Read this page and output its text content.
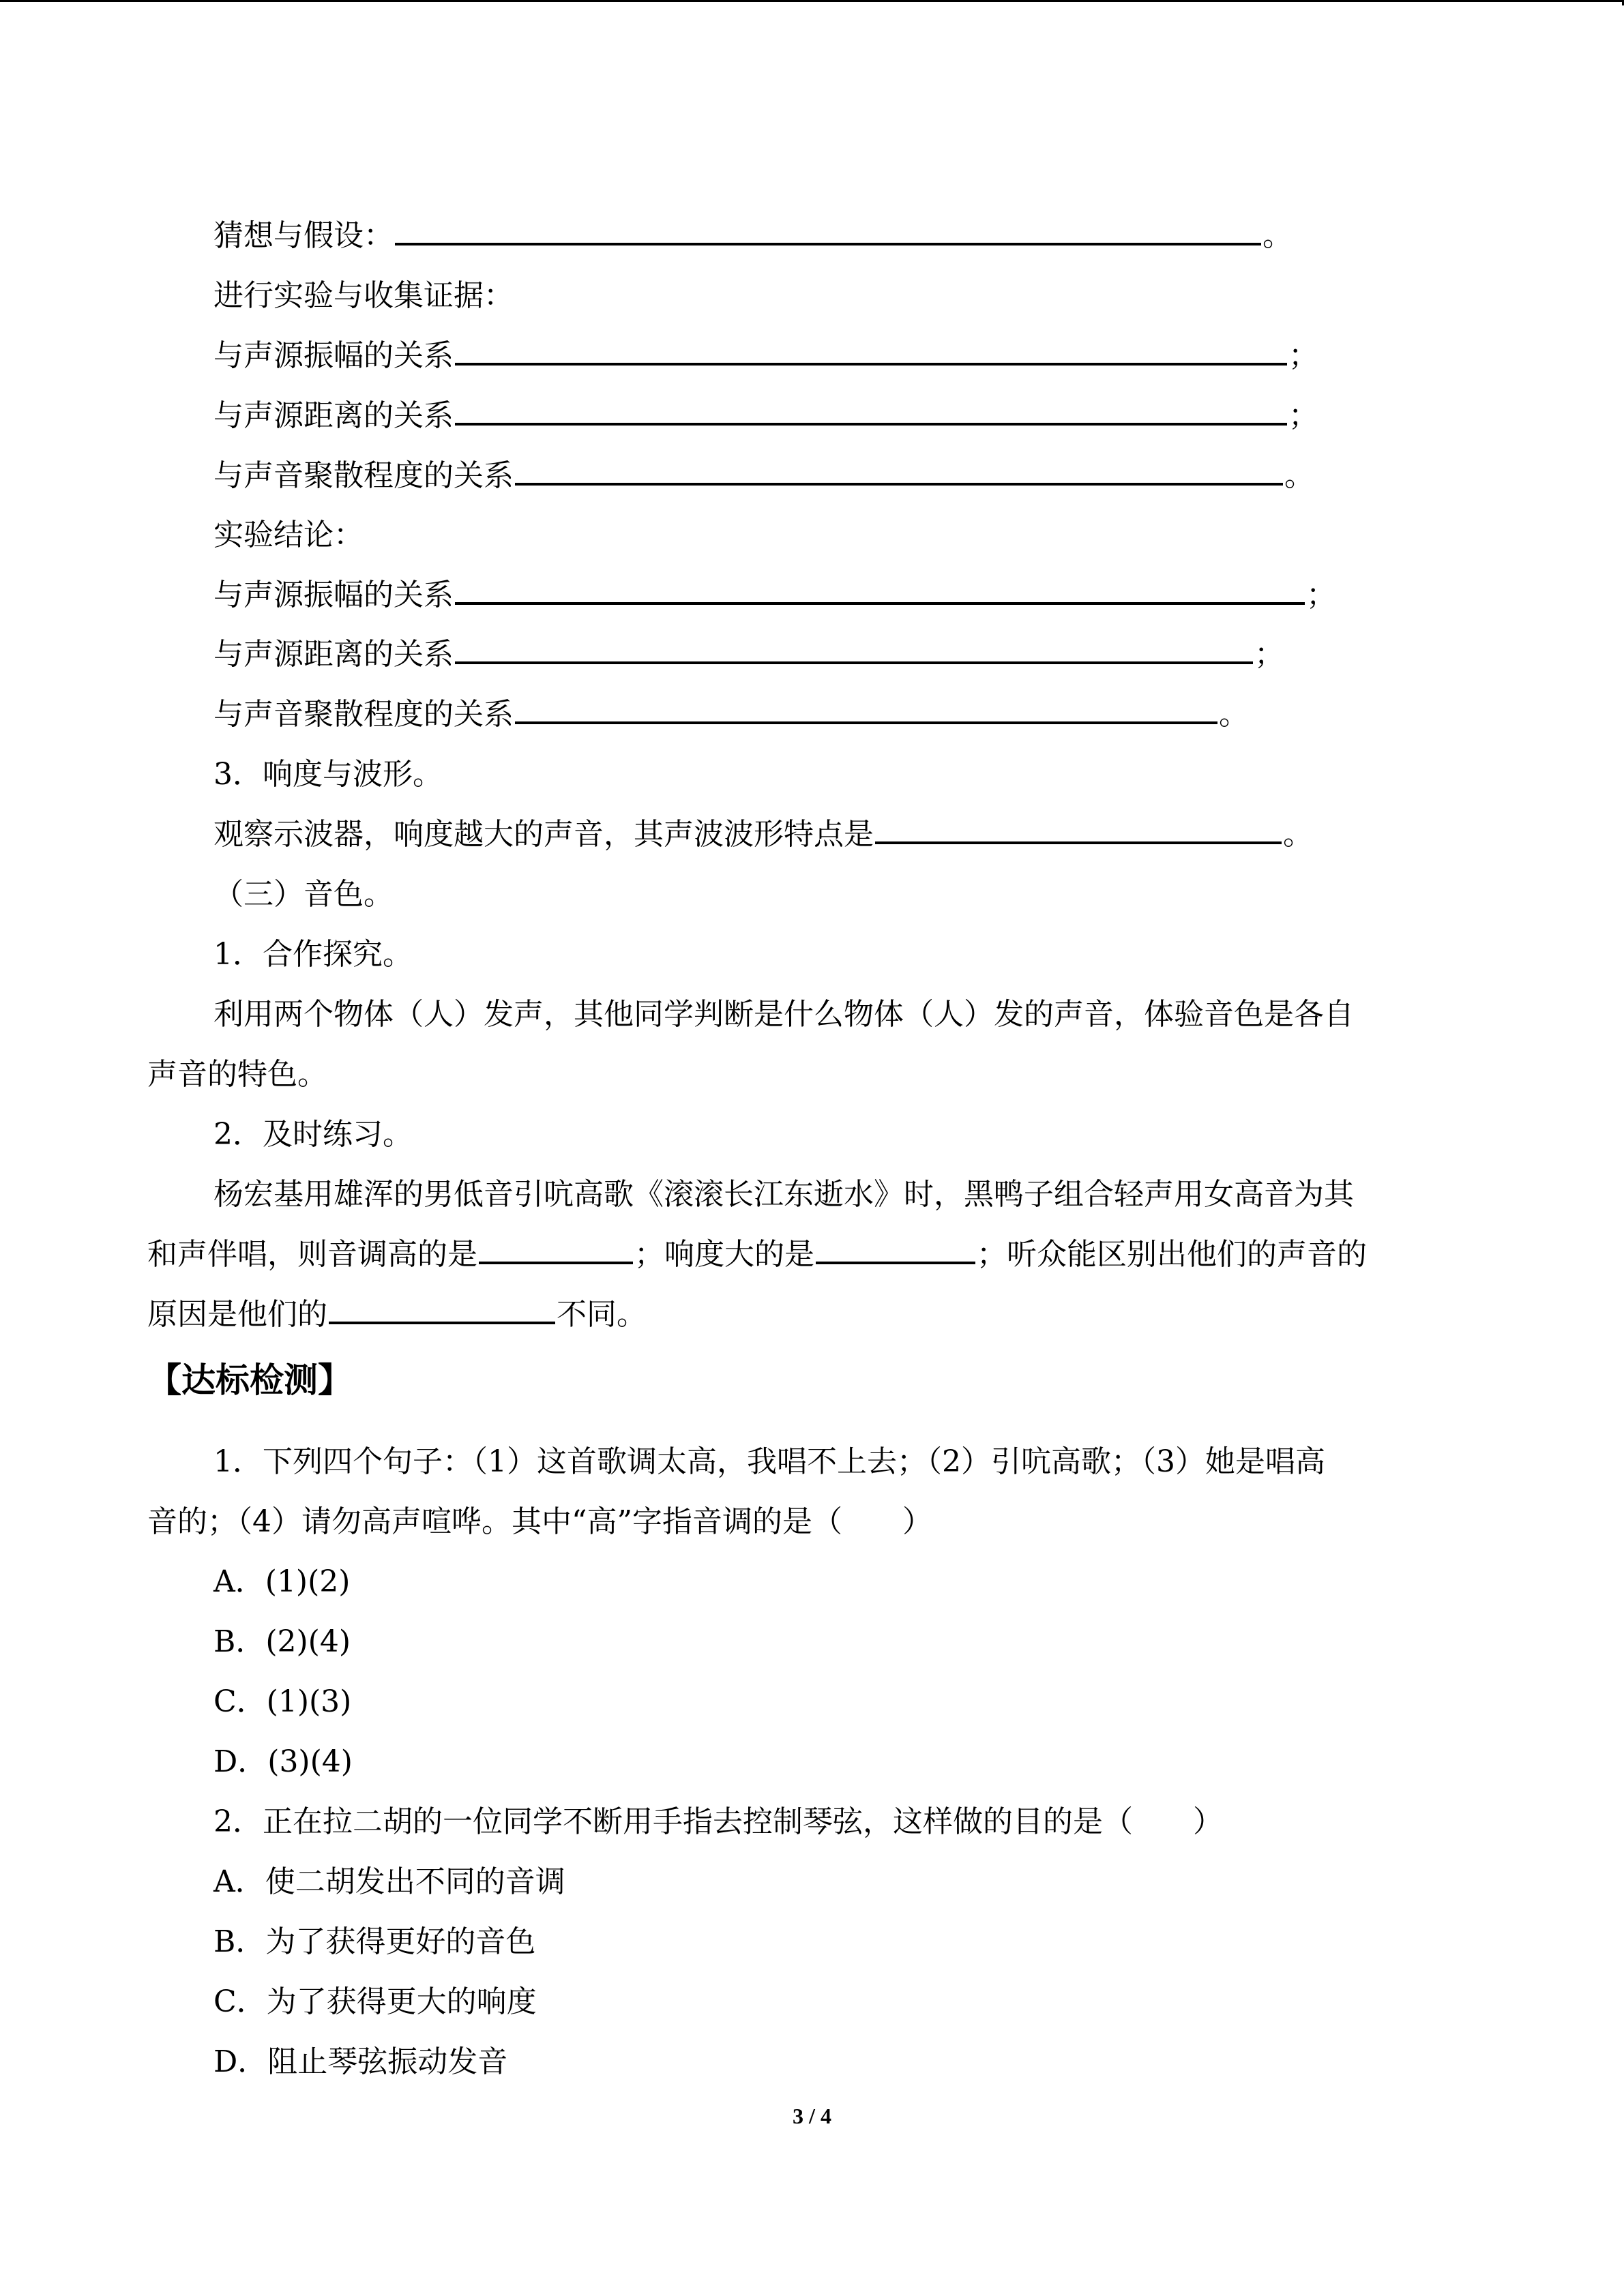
猜想与假设：	。
进行实验与收集证据：
与声源振幅的关系	；
与声源距离的关系	；
与声音聚散程度的关系	。
实验结论：
与声源振幅的关系	；
与声源距离的关系	；
与声音聚散程度的关系	。
3．响度与波形。
观察示波器，响度越大的声音，其声波波形特点是	。
（三）音色。
1．合作探究。
利用两个物体（人）发声，其他同学判断是什么物体（人）发的声音，体验音色是各自
声音的特色。
2．及时练习。
杨宏基用雄浑的男低音引吭高歌《滚滚长江东逝水》时，黑鸭子组合轻声用女高音为其
和声伴唱，则音调高的是	；响度大的是	；听众能区别出他们的声音的
原因是他们的	不同。
【达标检测】
1．下列四个句子：（1）这首歌调太高，我唱不上去；（2）引吭高歌；（3）她是唱高
音的；（4）请勿高声喧哗。其中“高”字指音调的是（　　）
A．(1)(2)
B．(2)(4)
C．(1)(3)
D．(3)(4)
2．正在拉二胡的一位同学不断用手指去控制琴弦，这样做的目的是（　　）
A．使二胡发出不同的音调
B．为了获得更好的音色
C．为了获得更大的响度
D．阻止琴弦振动发音
3 / 4
